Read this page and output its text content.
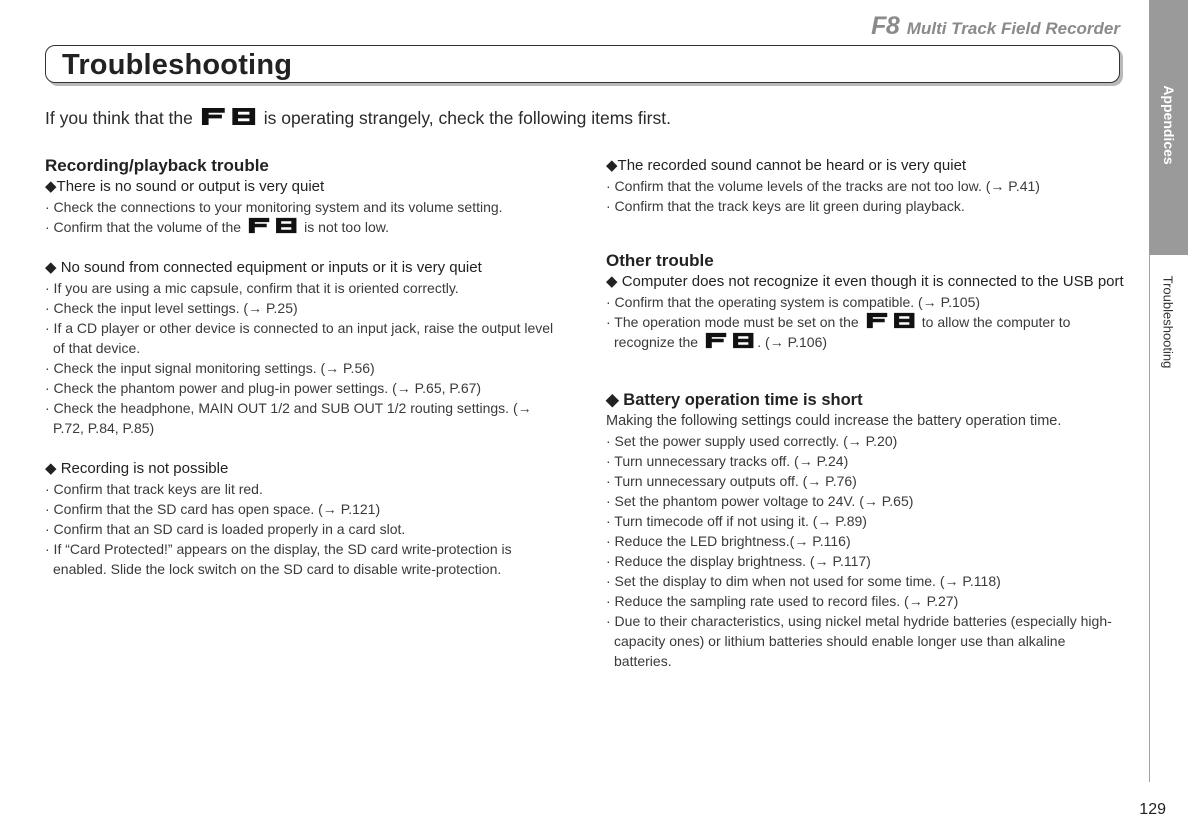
F8 Multi Track Field Recorder
Troubleshooting
Appendices
Troubleshooting
129
If you think that the	is operating strangely, check the following items first.
Recording/playback trouble
◆There is no sound or output is very quiet
· Check the connections to your monitoring system and its volume setting.
· Confirm that the volume of the	is not too low.
◆ No sound from connected equipment or inputs or it is very quiet
· If you are using a mic capsule, confirm that it is oriented correctly.
· Check the input level settings. (→ P.25)
· If a CD player or other device is connected to an input jack, raise the output level of that device.
· Check the input signal monitoring settings. (→ P.56)
· Check the phantom power and plug-in power settings. (→ P.65, P.67)
· Check the headphone, MAIN OUT 1/2 and SUB OUT 1/2 routing settings. (→ P.72, P.84, P.85)
◆ Recording is not possible
· Confirm that track keys are lit red.
· Confirm that the SD card has open space. (→ P.121)
· Confirm that an SD card is loaded properly in a card slot.
· If “Card Protected!” appears on the display, the SD card write-protection is enabled. Slide the lock switch on the SD card to disable write-protection.
◆The recorded sound cannot be heard or is very quiet
· Confirm that the volume levels of the tracks are not too low. (→ P.41)
· Confirm that the track keys are lit green during playback.
Other trouble
◆ Computer does not recognize it even though it is connected to the USB port
· Confirm that the operating system is compatible. (→ P.105)
· The operation mode must be set on the	to allow the computer to recognize the	. (→ P.106)
◆ Battery operation time is short
Making the following settings could increase the battery operation time.
· Set the power supply used correctly. (→ P.20)
· Turn unnecessary tracks off. (→ P.24)
· Turn unnecessary outputs off. (→ P.76)
· Set the phantom power voltage to 24V. (→ P.65)
· Turn timecode off if not using it. (→ P.89)
· Reduce the LED brightness.(→ P.116)
· Reduce the display brightness. (→ P.117)
· Set the display to dim when not used for some time. (→ P.118)
· Reduce the sampling rate used to record files. (→ P.27)
· Due to their characteristics, using nickel metal hydride batteries (especially high-capacity ones) or lithium batteries should enable longer use than alkaline batteries.
